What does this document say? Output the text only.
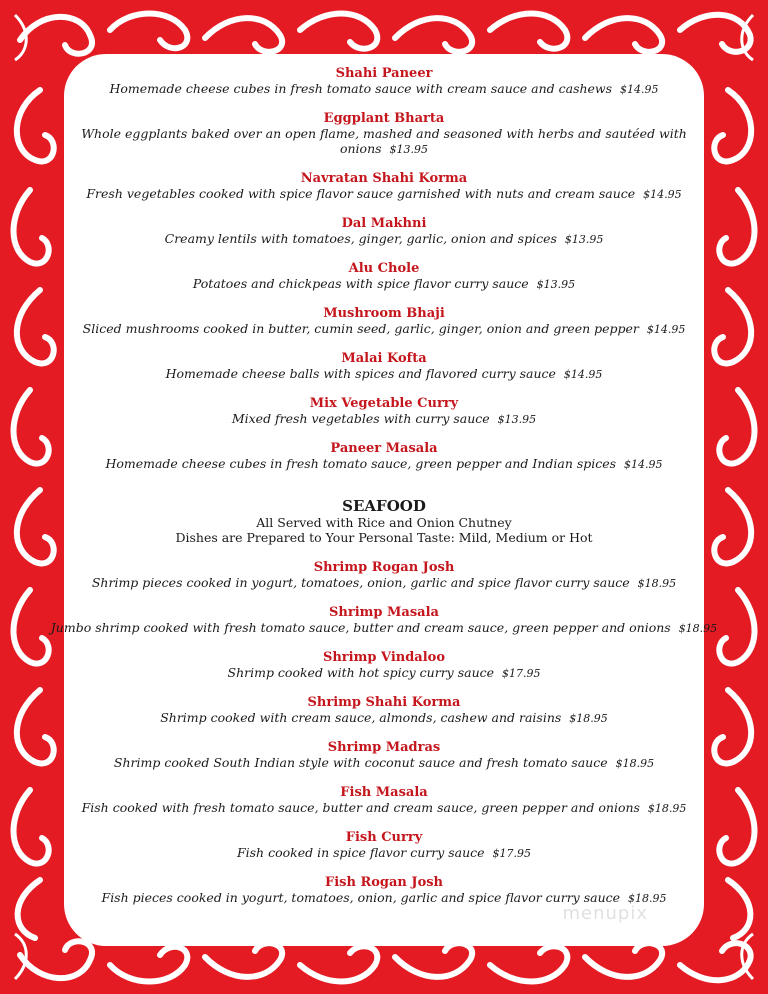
Shahi Paneer
Homemade cheese cubes in fresh tomato sauce with cream sauce and cashews $14.95
Eggplant Bharta
Whole eggplants baked over an open flame, mashed and seasoned with herbs and sautéed with onions $13.95
Navratan Shahi Korma
Fresh vegetables cooked with spice flavor sauce garnished with nuts and cream sauce $14.95
Dal Makhni
Creamy lentils with tomatoes, ginger, garlic, onion and spices $13.95
Alu Chole
Potatoes and chickpeas with spice flavor curry sauce $13.95
Mushroom Bhaji
Sliced mushrooms cooked in butter, cumin seed, garlic, ginger, onion and green pepper $14.95
Malai Kofta
Homemade cheese balls with spices and flavored curry sauce $14.95
Mix Vegetable Curry
Mixed fresh vegetables with curry sauce $13.95
Paneer Masala
Homemade cheese cubes in fresh tomato sauce, green pepper and Indian spices $14.95
SEAFOOD
All Served with Rice and Onion Chutney
Dishes are Prepared to Your Personal Taste: Mild, Medium or Hot
Shrimp Rogan Josh
Shrimp pieces cooked in yogurt, tomatoes, onion, garlic and spice flavor curry sauce $18.95
Shrimp Masala
Jumbo shrimp cooked with fresh tomato sauce, butter and cream sauce, green pepper and onions $18.95
Shrimp Vindaloo
Shrimp cooked with hot spicy curry sauce $17.95
Shrimp Shahi Korma
Shrimp cooked with cream sauce, almonds, cashew and raisins $18.95
Shrimp Madras
Shrimp cooked South Indian style with coconut sauce and fresh tomato sauce $18.95
Fish Masala
Fish cooked with fresh tomato sauce, butter and cream sauce, green pepper and onions $18.95
Fish Curry
Fish cooked in spice flavor curry sauce $17.95
Fish Rogan Josh
Fish pieces cooked in yogurt, tomatoes, onion, garlic and spice flavor curry sauce $18.95
menupix
